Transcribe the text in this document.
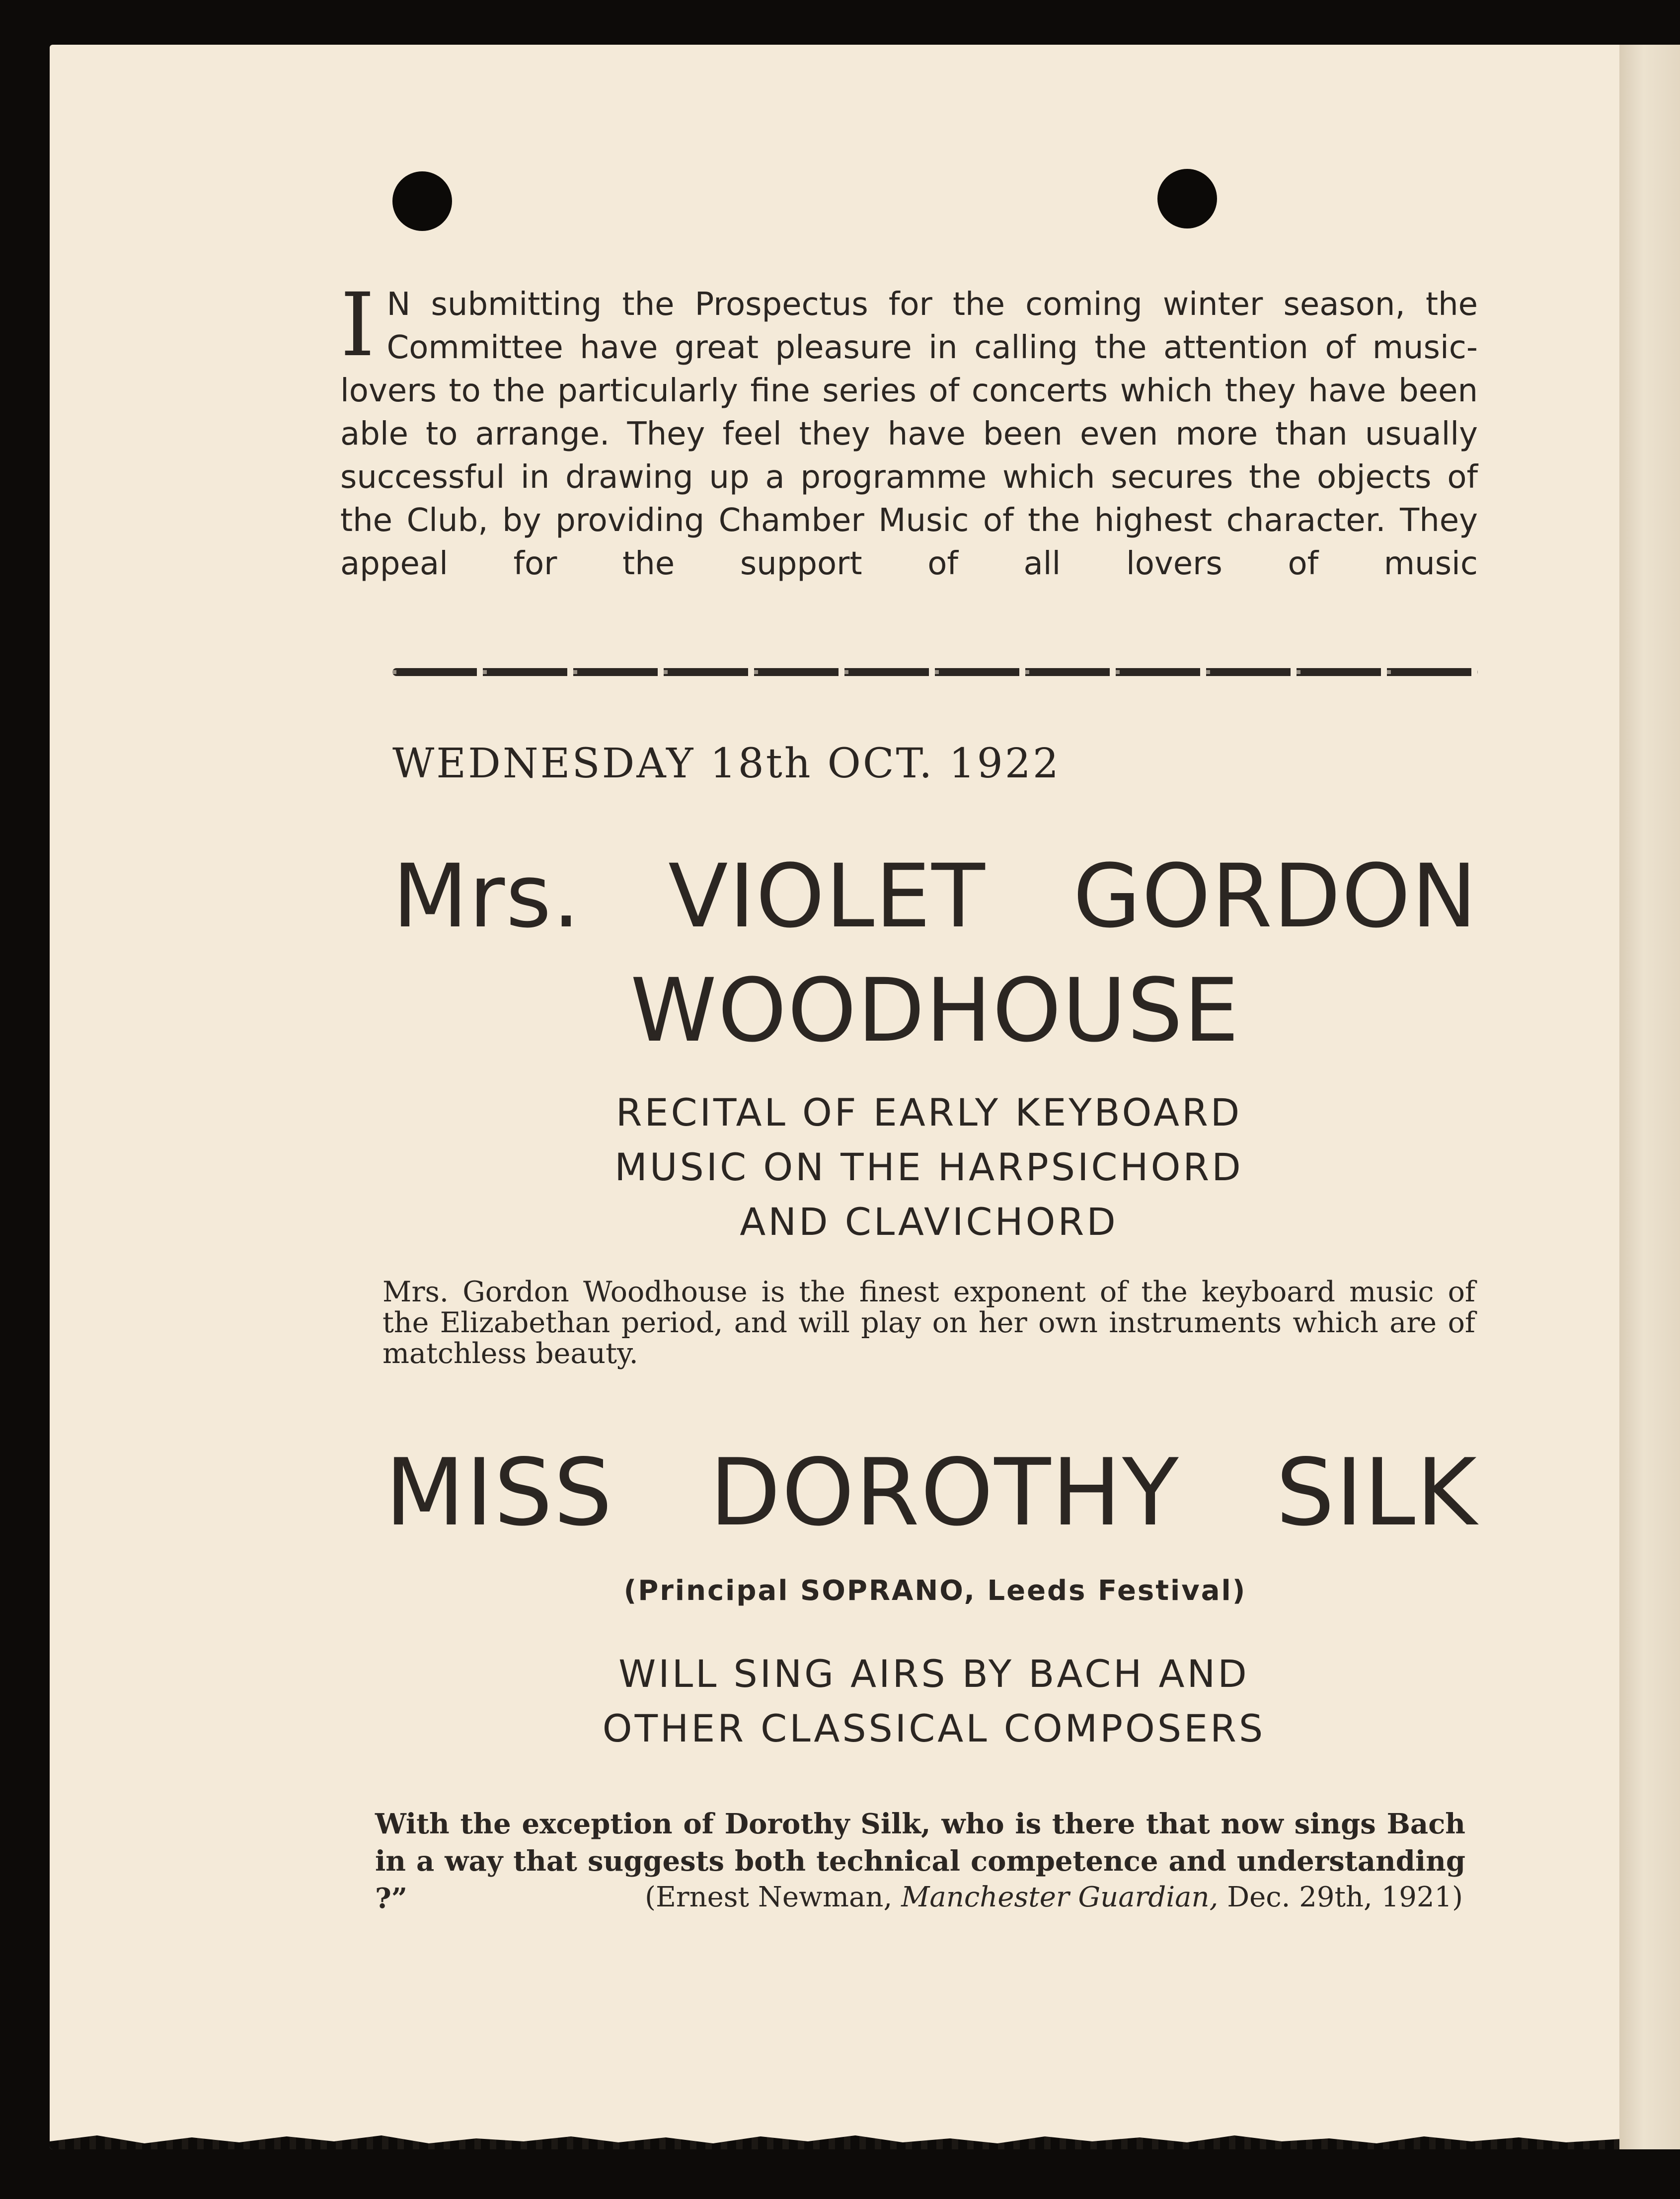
I N submitting the Prospectus for the coming winter season, the Committee have great pleasure in calling the attention of music-lovers to the particularly fine series of concerts which they have been able to arrange. They feel they have been even more than usually successful in drawing up a programme which secures the objects of the Club, by providing Chamber Music of the highest character. They appeal for the support of all lovers of music
WEDNESDAY 18th OCT. 1922
Mrs. VIOLET GORDON
WOODHOUSE
RECITAL OF EARLY KEYBOARD
MUSIC ON THE HARPSICHORD
AND CLAVICHORD
Mrs. Gordon Woodhouse is the finest exponent of the keyboard music of the Elizabethan period, and will play on her own instruments which are of matchless beauty.
MISS DOROTHY SILK
(Principal SOPRANO, Leeds Festival)
WILL SING AIRS BY BACH AND
OTHER CLASSICAL COMPOSERS
With the exception of Dorothy Silk, who is there that now sings Bach in a way that suggests both technical competence and understanding ?”	(Ernest Newman, Manchester Guardian, Dec. 29th, 1921)
